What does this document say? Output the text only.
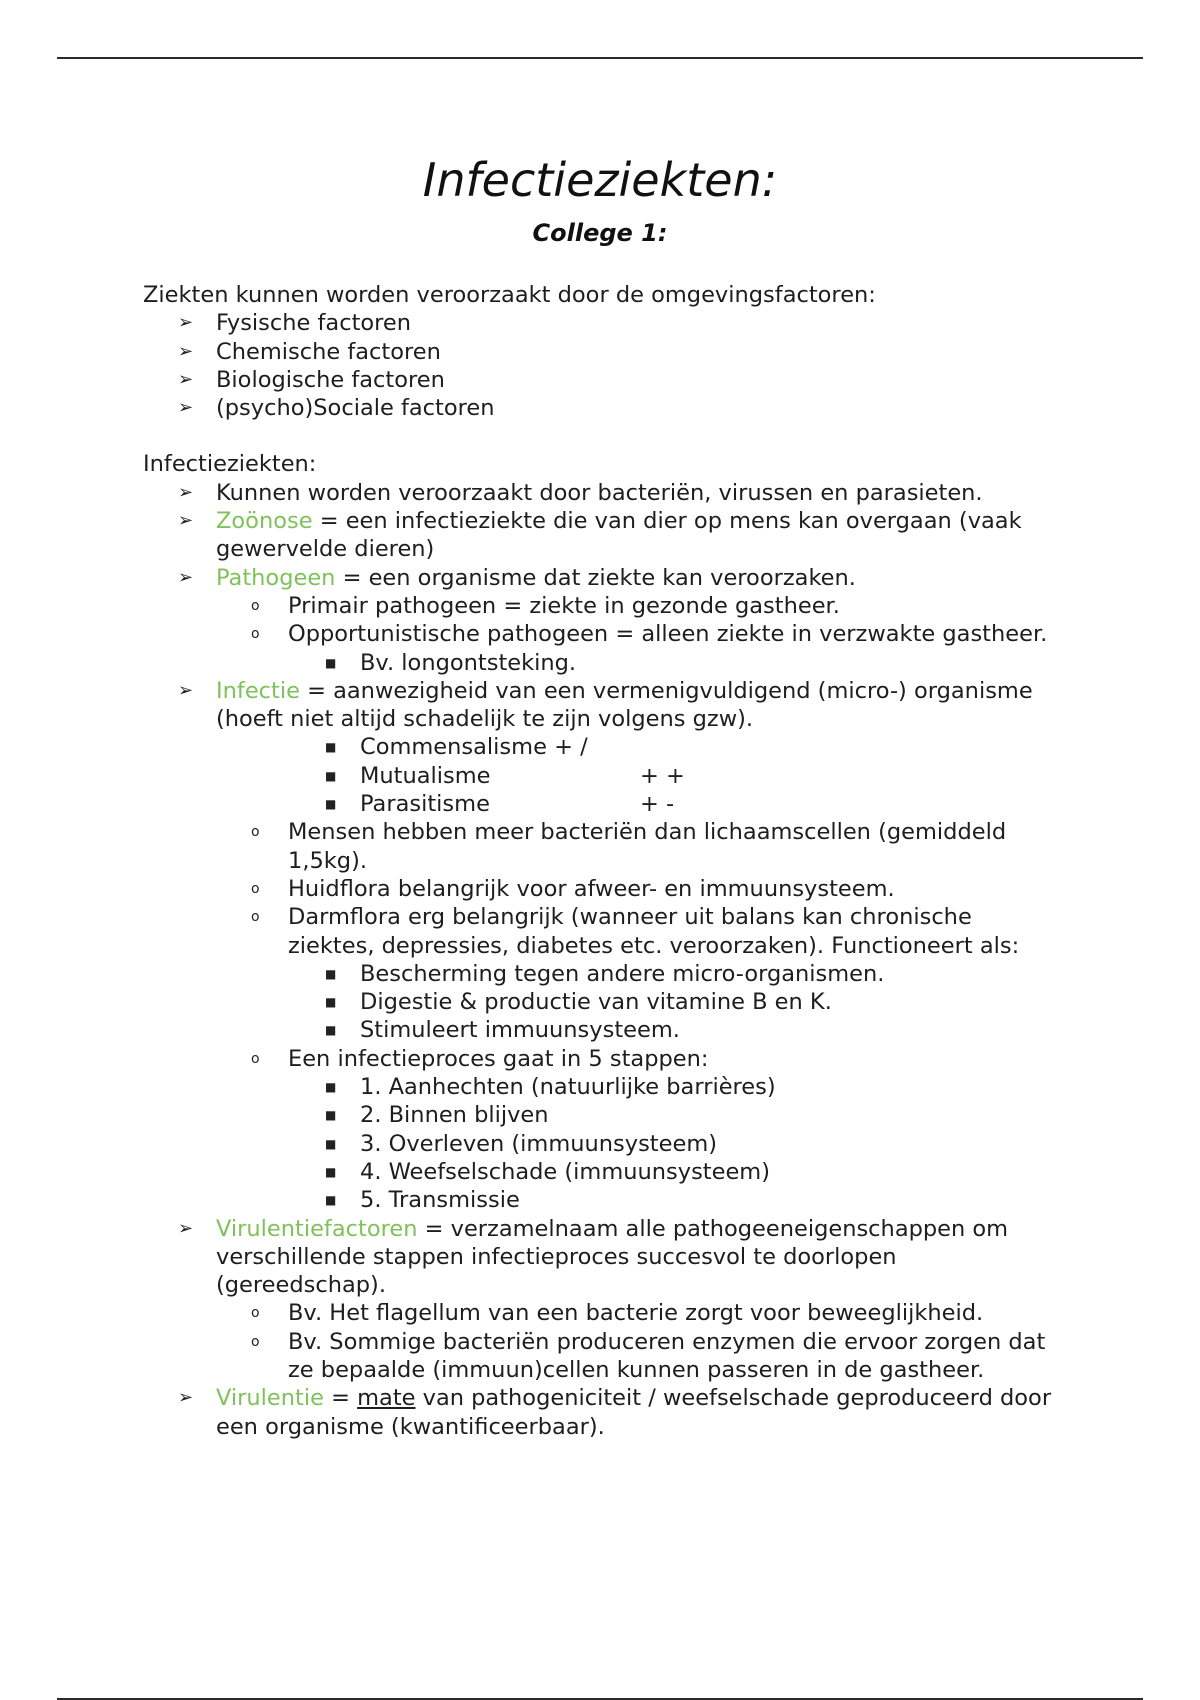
Infectieziekten:
College 1:

Ziekten kunnen worden veroorzaakt door de omgevingsfactoren:

➢ Fysische factoren
➢ Chemische factoren
➢ Biologische factoren
➢ (psycho)Sociale factoren

Infectieziekten:

➢ Kunnen worden veroorzaakt door bacteriën, virussen en parasieten.
➢ Zoönose = een infectieziekte die van dier op mens kan overgaan (vaak gewervelde dieren)
➢ Pathogeen = een organisme dat ziekte kan veroorzaken.
o Primair pathogeen = ziekte in gezonde gastheer.
o Opportunistische pathogeen = alleen ziekte in verzwakte gastheer.
■ Bv. longontsteking.
➢ Infectie = aanwezigheid van een vermenigvuldigend (micro-) organisme (hoeft niet altijd schadelijk te zijn volgens gzw).
■ Commensalisme + /
■ Mutualisme	+ +
■ Parasitisme	+ -
o Mensen hebben meer bacteriën dan lichaamscellen (gemiddeld 1,5kg).
o Huidflora belangrijk voor afweer- en immuunsysteem.
o Darmflora erg belangrijk (wanneer uit balans kan chronische ziektes, depressies, diabetes etc. veroorzaken). Functioneert als:
■ Bescherming tegen andere micro-organismen.
■ Digestie & productie van vitamine B en K.
■ Stimuleert immuunsysteem.
o Een infectieproces gaat in 5 stappen:
■ 1. Aanhechten (natuurlijke barrières)
■ 2. Binnen blijven
■ 3. Overleven (immuunsysteem)
■ 4. Weefselschade (immuunsysteem)
■ 5. Transmissie
➢ Virulentiefactoren = verzamelnaam alle pathogeeneigenschappen om verschillende stappen infectieproces succesvol te doorlopen (gereedschap).
o Bv. Het flagellum van een bacterie zorgt voor beweeglijkheid.
o Bv. Sommige bacteriën produceren enzymen die ervoor zorgen dat ze bepaalde (immuun)cellen kunnen passeren in de gastheer.
➢ Virulentie = mate van pathogeniciteit / weefselschade geproduceerd door een organisme (kwantificeerbaar).
